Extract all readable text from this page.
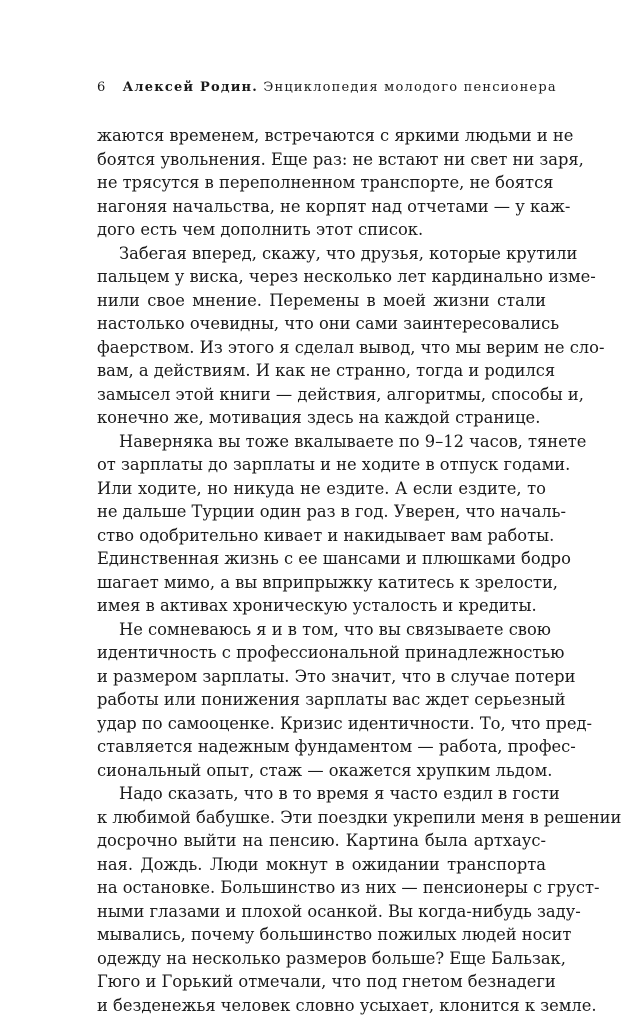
6 Алексей Родин. Энциклопедия молодого пенсионера
жаются временем, встречаются с яркими людьми и не
боятся увольнения. Еще раз: не встают ни свет ни заря,
не трясутся в переполненном транспорте, не боятся
нагоняя начальства, не корпят над отчетами — у каж-
дого есть чем дополнить этот список.
Забегая вперед, скажу, что друзья, которые крутили
пальцем у виска, через несколько лет кардинально изме-
нили свое мнение. Перемены в моей жизни стали
настолько очевидны, что они сами заинтересовались
фаерством. Из этого я сделал вывод, что мы верим не сло-
вам, а действиям. И как не странно, тогда и родился
замысел этой книги — действия, алгоритмы, способы и,
конечно же, мотивация здесь на каждой странице.
Наверняка вы тоже вкалываете по 9–12 часов, тянете
от зарплаты до зарплаты и не ходите в отпуск годами.
Или ходите, но никуда не ездите. А если ездите, то
не дальше Турции один раз в год. Уверен, что началь-
ство одобрительно кивает и накидывает вам работы.
Единственная жизнь с ее шансами и плюшками бодро
шагает мимо, а вы вприпрыжку катитесь к зрелости,
имея в активах хроническую усталость и кредиты.
Не сомневаюсь я и в том, что вы связываете свою
идентичность с профессиональной принадлежностью
и размером зарплаты. Это значит, что в случае потери
работы или понижения зарплаты вас ждет серьезный
удар по самооценке. Кризис идентичности. То, что пред-
ставляется надежным фундаментом — работа, профес-
сиональный опыт, стаж — окажется хрупким льдом.
Надо сказать, что в то время я часто ездил в гости
к любимой бабушке. Эти поездки укрепили меня в решении
досрочно выйти на пенсию. Картина была артхаус-
ная. Дождь. Люди мокнут в ожидании транспорта
на остановке. Большинство из них — пенсионеры с груст-
ными глазами и плохой осанкой. Вы когда-нибудь заду-
мывались, почему большинство пожилых людей носит
одежду на несколько размеров больше? Еще Бальзак,
Гюго и Горький отмечали, что под гнетом безнадеги
и безденежья человек словно усыхает, клонится к земле.
